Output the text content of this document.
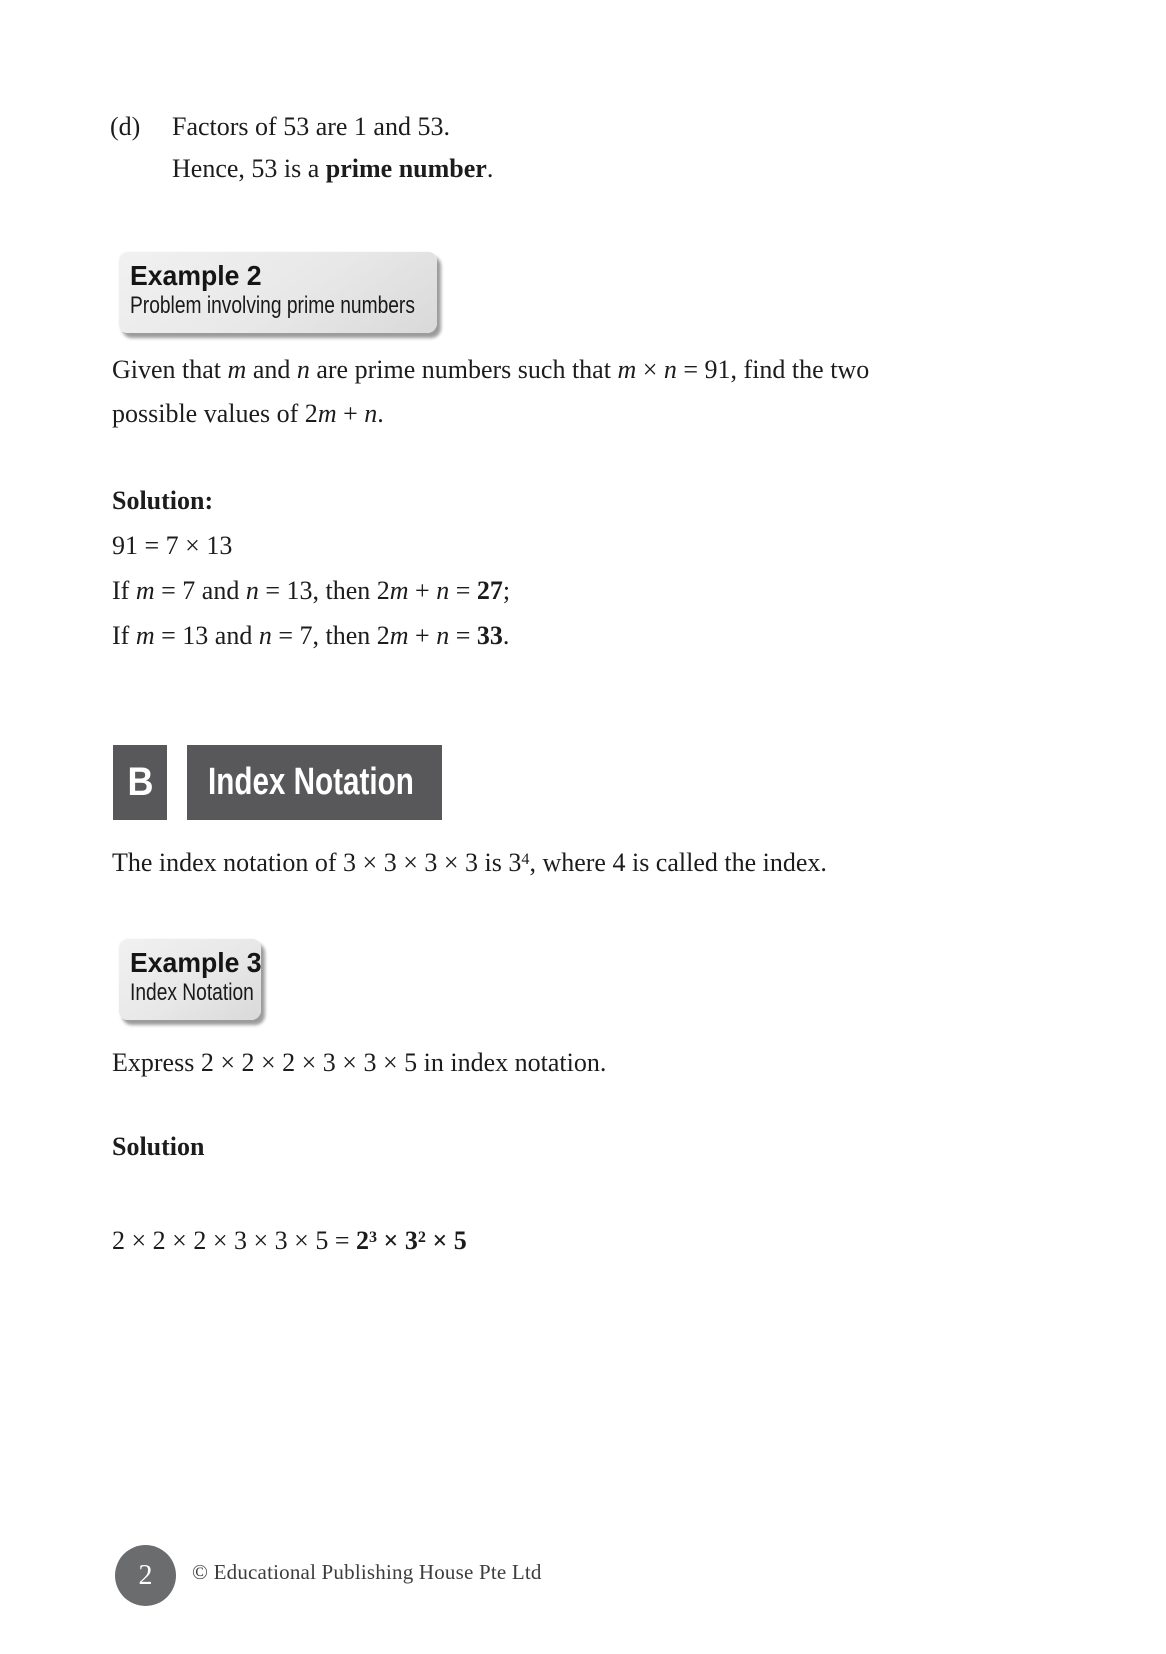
(d) Factors of 53 are 1 and 53.
Hence, 53 is a prime number.
Example 2
Problem involving prime numbers
Given that m and n are prime numbers such that m × n = 91, find the two
possible values of 2m + n.
Solution:
91 = 7 × 13
If m = 7 and n = 13, then 2m + n = 27;
If m = 13 and n = 7, then 2m + n = 33.
B Index Notation
The index notation of 3 × 3 × 3 × 3 is $3^4$, where 4 is called the index.
Example 3
Index Notation
Express 2 × 2 × 2 × 3 × 3 × 5 in index notation.
Solution
$2 \times 2 \times 2 \times 3 \times 3 \times 5 = 2^3 \times 3^2 \times 5$
2 © Educational Publishing House Pte Ltd
